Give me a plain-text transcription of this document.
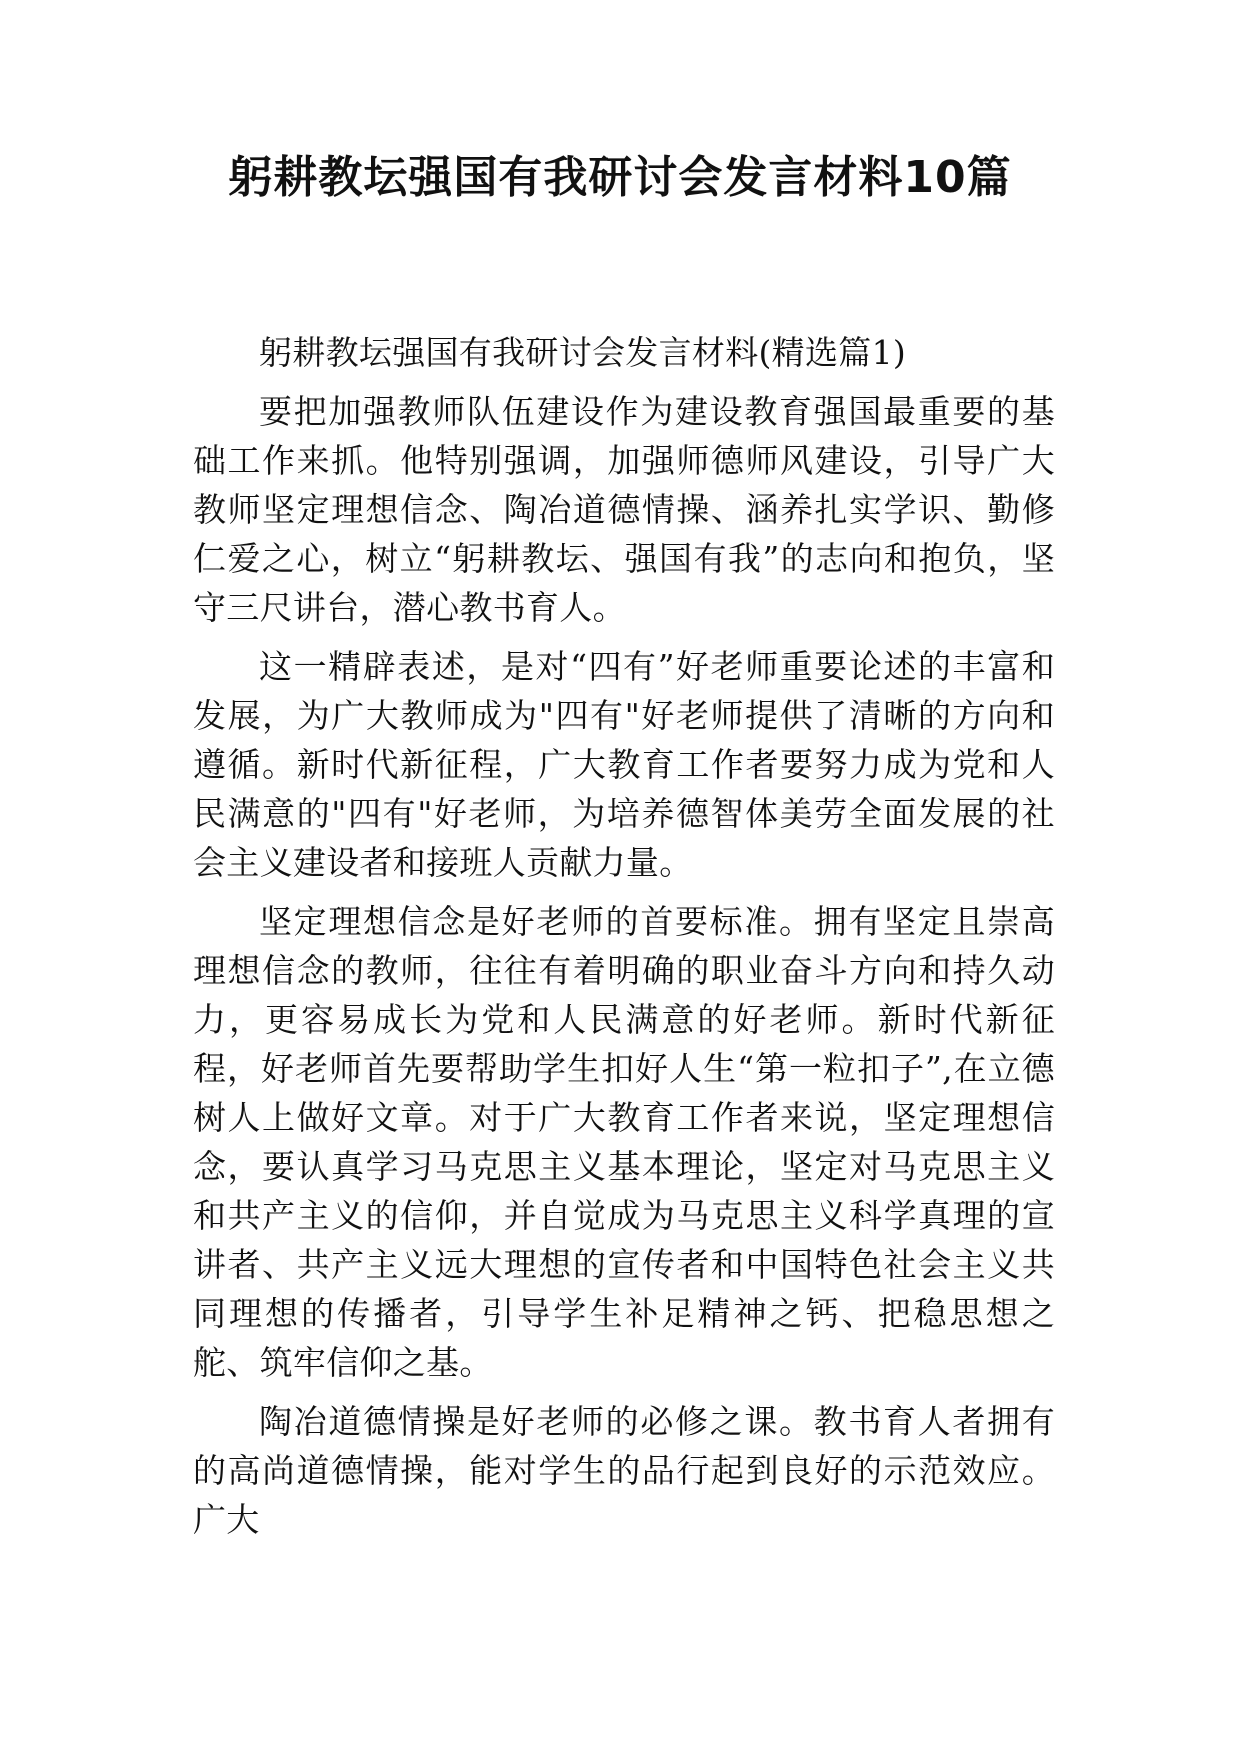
躬耕教坛强国有我研讨会发言材料10篇

躬耕教坛强国有我研讨会发言材料(精选篇1)

要把加强教师队伍建设作为建设教育强国最重要的基础工作来抓。他特别强调，加强师德师风建设，引导广大教师坚定理想信念、陶冶道德情操、涵养扎实学识、勤修仁爱之心，树立“躬耕教坛、强国有我”的志向和抱负，坚守三尺讲台，潜心教书育人。

这一精辟表述，是对“四有”好老师重要论述的丰富和发展，为广大教师成为"四有"好老师提供了清晰的方向和遵循。新时代新征程，广大教育工作者要努力成为党和人民满意的"四有"好老师，为培养德智体美劳全面发展的社会主义建设者和接班人贡献力量。

坚定理想信念是好老师的首要标准。拥有坚定且崇高理想信念的教师，往往有着明确的职业奋斗方向和持久动力，更容易成长为党和人民满意的好老师。新时代新征程，好老师首先要帮助学生扣好人生“第一粒扣子”,在立德树人上做好文章。对于广大教育工作者来说，坚定理想信念，要认真学习马克思主义基本理论，坚定对马克思主义和共产主义的信仰，并自觉成为马克思主义科学真理的宣讲者、共产主义远大理想的宣传者和中国特色社会主义共同理想的传播者，引导学生补足精神之钙、把稳思想之舵、筑牢信仰之基。

陶冶道德情操是好老师的必修之课。教书育人者拥有的高尚道德情操，能对学生的品行起到良好的示范效应。广大
